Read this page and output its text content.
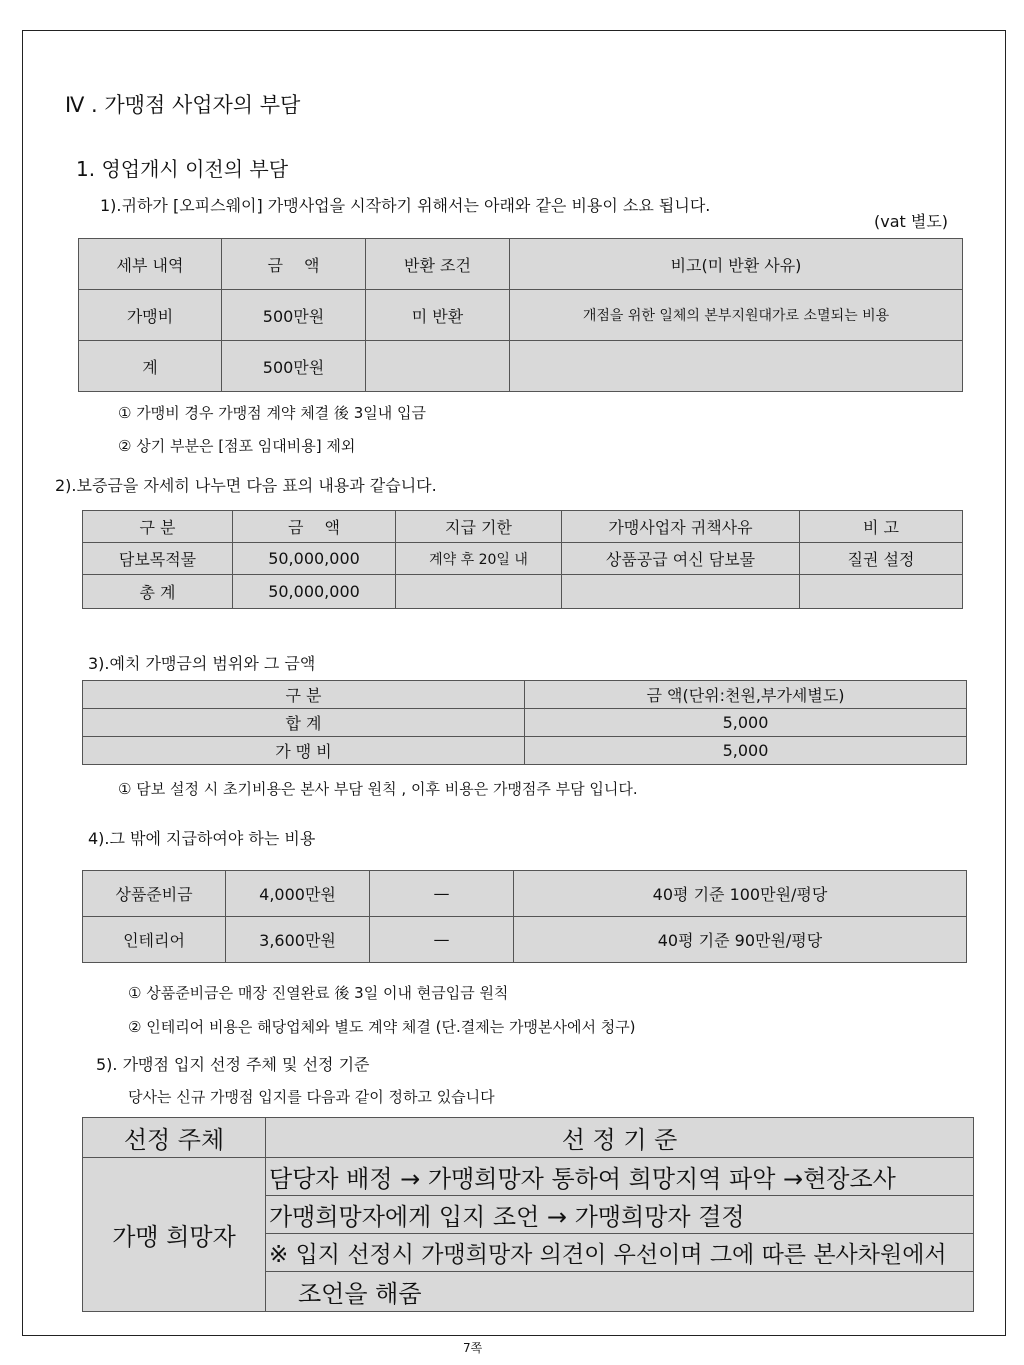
Ⅳ . 가맹점 사업자의 부담
1. 영업개시 이전의 부담
1).귀하가 [오피스웨이] 가맹사업을 시작하기 위해서는 아래와 같은 비용이 소요 됩니다.
(vat 별도)
세부 내역	금　 액	반환 조건	비고(미 반환 사유)
가맹비	500만원	미 반환	개점을 위한 일체의 본부지원대가로 소멸되는 비용
계	500만원		
① 가맹비 경우 가맹점 계약 체결 後 3일내 입금
② 상기 부분은 [점포 임대비용] 제외
2).보증금을 자세히 나누면 다음 표의 내용과 같습니다.
구 분	금　 액	지급 기한	가맹사업자 귀책사유	비 고
담보목적물	50,000,000	계약 후 20일 내	상품공급 여신 담보물	질권 설정
총 계	50,000,000			
3).예치 가맹금의 범위와 그 금액
구 분	금 액(단위:천원,부가세별도)
합 계	5,000
가 맹 비	5,000
① 담보 설정 시 초기비용은 본사 부담 원칙 , 이후 비용은 가맹점주 부담 입니다.
4).그 밖에 지급하여야 하는 비용
상품준비금	4,000만원	—	40평 기준 100만원/평당
인테리어	3,600만원	—	40평 기준 90만원/평당
① 상품준비금은 매장 진열완료 後 3일 이내 현금입금 원칙
② 인테리어 비용은 해당업체와 별도 계약 체결 (단.결제는 가맹본사에서 청구)
5). 가맹점 입지 선정 주체 및 선정 기준
당사는 신규 가맹점 입지를 다음과 같이 정하고 있습니다
선정 주체	선 정 기 준
가맹 희망자	담당자 배정 → 가맹희망자 통하여 희망지역 파악 →현장조사
	가맹희망자에게 입지 조언 → 가맹희망자 결정
	※ 입지 선정시 가맹희망자 의견이 우선이며 그에 따른 본사차원에서
	조언을 해줌
7쪽
